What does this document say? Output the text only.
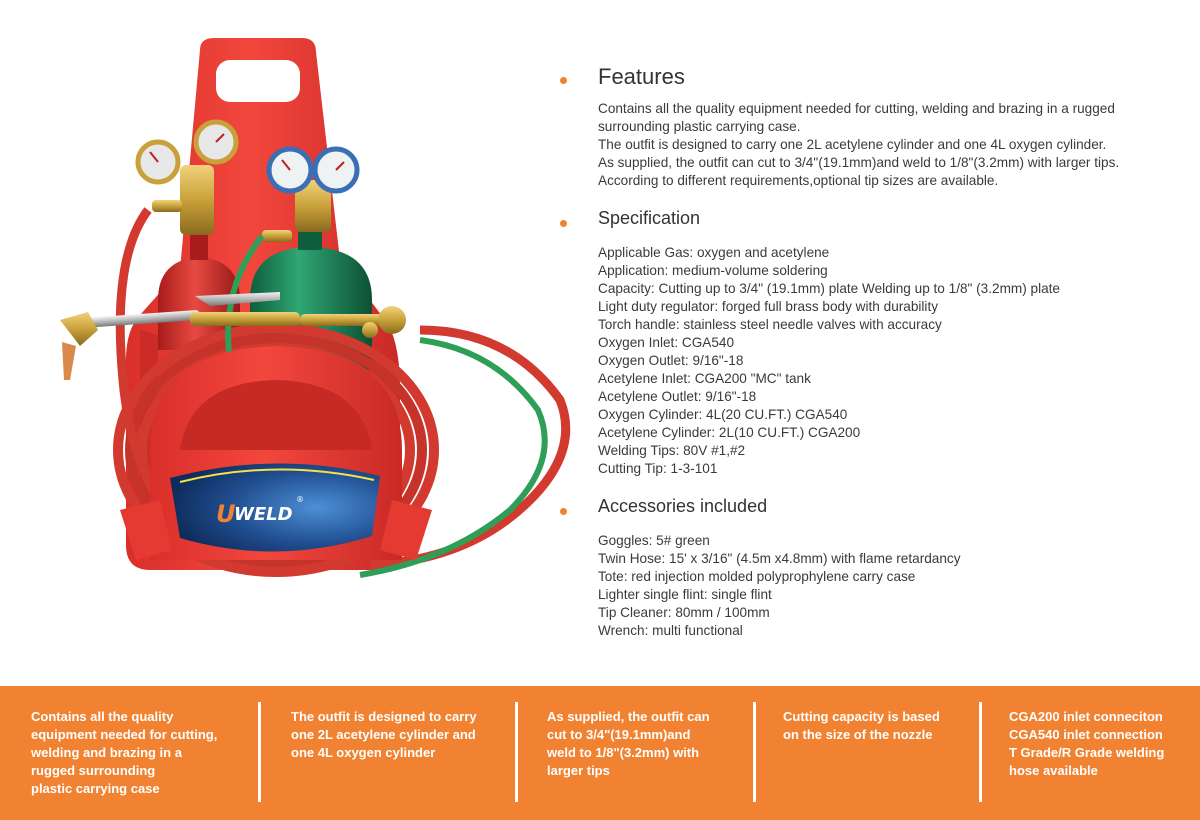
U
WELD
®
Features
Contains all the quality equipment needed for cutting, welding and brazing in a rugged
surrounding plastic carrying case.
The outfit is designed to carry one 2L acetylene cylinder and one 4L oxygen cylinder.
As supplied, the outfit can cut to 3/4"(19.1mm)and weld to 1/8"(3.2mm) with larger tips.
According to different requirements,optional tip sizes are available.
Specification
Applicable Gas: oxygen and acetylene
Application: medium-volume soldering
Capacity: Cutting up to 3/4" (19.1mm) plate Welding up to 1/8" (3.2mm) plate
Light duty regulator: forged full brass body with durability
Torch handle: stainless steel needle valves with accuracy
Oxygen Inlet: CGA540
Oxygen Outlet: 9/16"-18
Acetylene Inlet: CGA200 "MC" tank
Acetylene Outlet: 9/16"-18
Oxygen Cylinder: 4L(20 CU.FT.) CGA540
Acetylene Cylinder: 2L(10 CU.FT.) CGA200
Welding Tips: 80V #1,#2
Cutting Tip: 1-3-101
Accessories included
Goggles: 5# green
Twin Hose: 15' x 3/16" (4.5m x4.8mm) with flame retardancy
Tote: red injection molded polyprophylene carry case
Lighter single flint: single flint
Tip Cleaner: 80mm / 100mm
Wrench: multi functional
Contains all the quality
equipment needed for cutting,
welding and brazing in a
rugged surrounding
plastic carrying case
The outfit is designed to carry
one 2L acetylene cylinder and
one 4L oxygen cylinder
As supplied, the outfit can
cut to 3/4"(19.1mm)and
weld to 1/8"(3.2mm) with
larger tips
Cutting capacity is based
on the size of the nozzle
CGA200 inlet conneciton
CGA540 inlet connection
T Grade/R Grade welding
hose available
